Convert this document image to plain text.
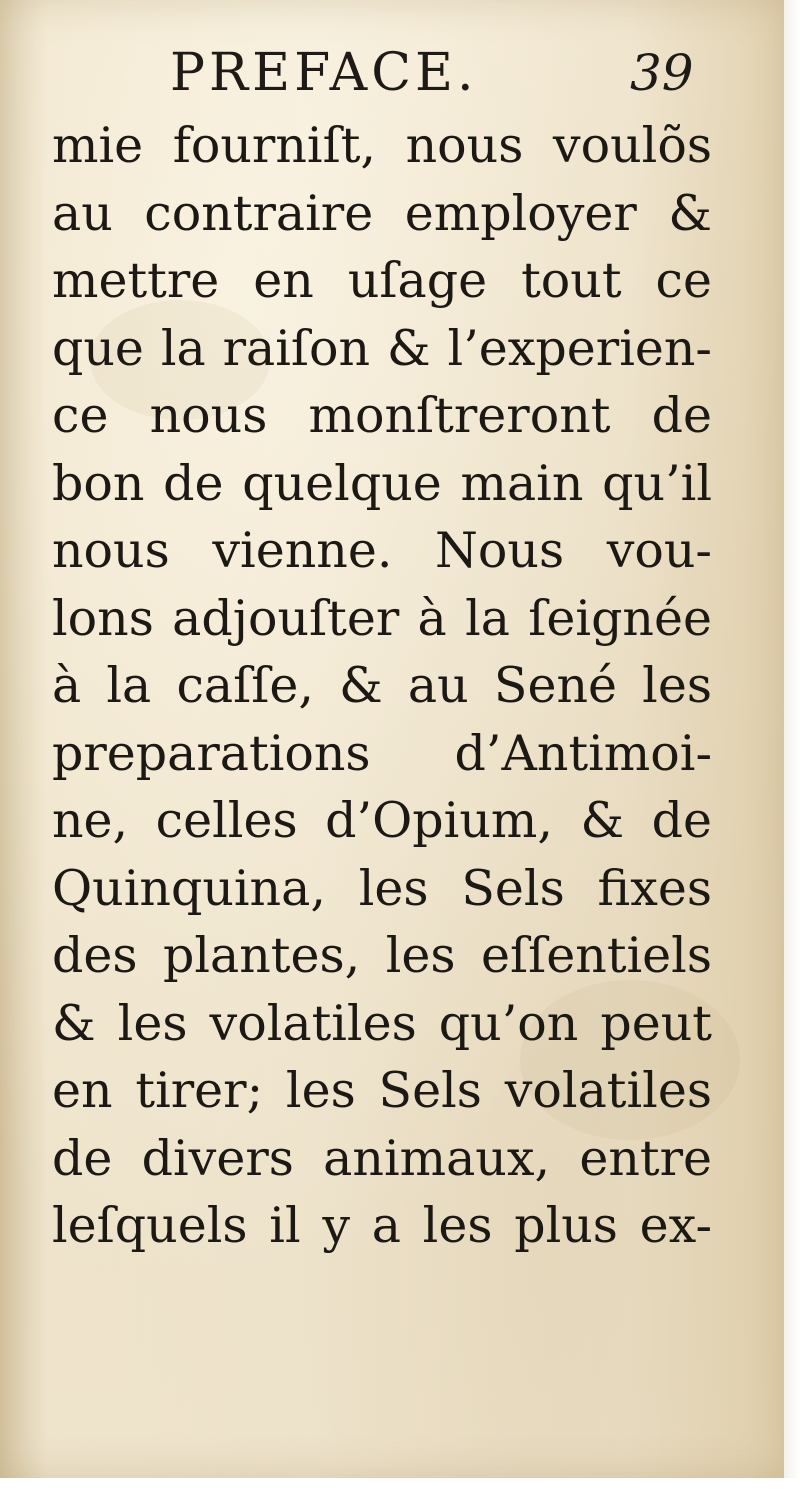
PREFACE.	39
mie fourniſt, nous voulõs
au contraire employer &
mettre en uſage tout ce
que la raiſon & l’experien-
ce nous monſtreront de
bon de quelque main qu’il
nous vienne. Nous vou-
lons adjouſter à la ſeignée
à la caſſe, & au Sené les
preparations d’Antimoi-
ne, celles d’Opium, & de
Quinquina, les Sels fixes
des plantes, les eſſentiels
& les volatiles qu’on peut
en tirer; les Sels volatiles
de divers animaux, entre
leſquels il y a les plus ex-
